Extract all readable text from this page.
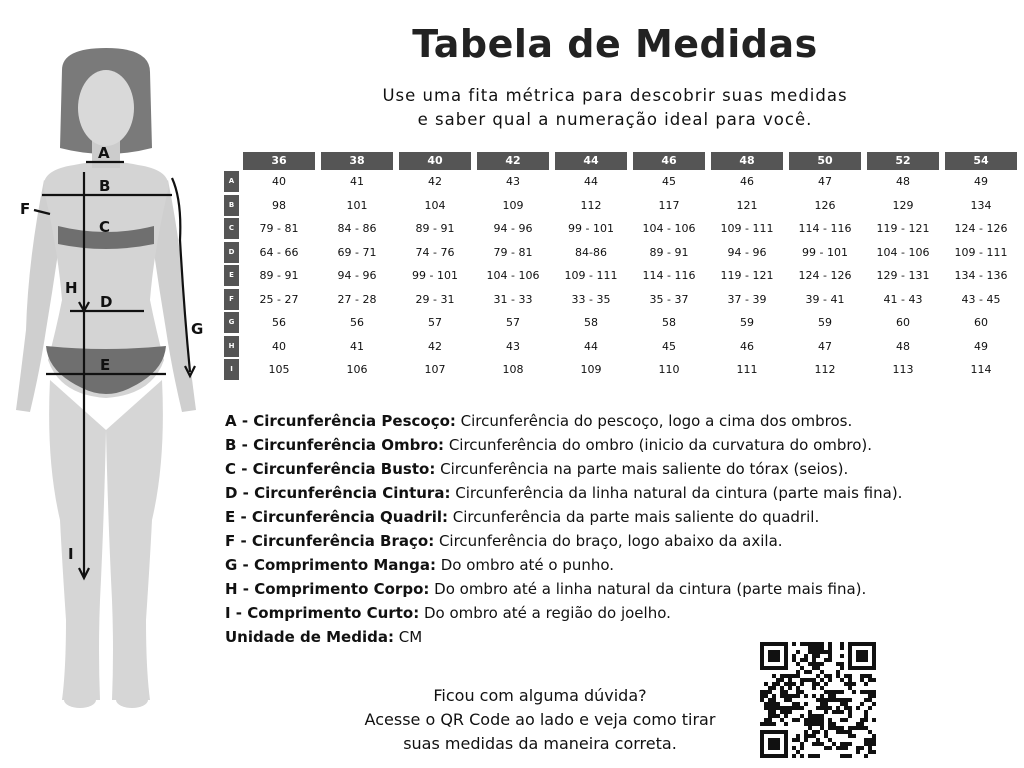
A
B
C
D
E
F
G
H
I
Tabela de Medidas
Use uma fita métrica para descobrir suas medidas
e saber qual a numeração ideal para você.

	36	38	40	42	44	46	48	50	52	54

A	40	41	42	43	44	45	46	47	48	49

B	98	101	104	109	112	117	121	126	129	134

C	79 - 81	84 - 86	89 - 91	94 - 96	99 - 101	104 - 106	109 - 111	114 - 116	119 - 121	124 - 126

D	64 - 66	69 - 71	74 - 76	79 - 81	84-86	89 - 91	94 - 96	99 - 101	104 - 106	109 - 111

E	89 - 91	94 - 96	99 - 101	104 - 106	109 - 111	114 - 116	119 - 121	124 - 126	129 - 131	134 - 136

F	25 - 27	27 - 28	29 - 31	31 - 33	33 - 35	35 - 37	37 - 39	39 - 41	41 - 43	43 - 45

G	56	56	57	57	58	58	59	59	60	60

H	40	41	42	43	44	45	46	47	48	49

I	105	106	107	108	109	110	111	112	113	114
A - Circunferência Pescoço: Circunferência do pescoço, logo a cima dos ombros.
B - Circunferência Ombro: Circunferência do ombro (inicio da curvatura do ombro).
C - Circunferência Busto: Circunferência na parte mais saliente do tórax (seios).
D - Circunferência Cintura: Circunferência da linha natural da cintura (parte mais fina).
E - Circunferência Quadril: Circunferência da parte mais saliente do quadril.
F - Circunferência Braço: Circunferência do braço, logo abaixo da axila.
G - Comprimento Manga: Do ombro até o punho.
H - Comprimento Corpo: Do ombro até a linha natural da cintura (parte mais fina).
I - Comprimento Curto: Do ombro até a região do joelho.
Unidade de Medida: CM
Ficou com alguma dúvida?
Acesse o QR Code ao lado e veja como tirar
suas medidas da maneira correta.
